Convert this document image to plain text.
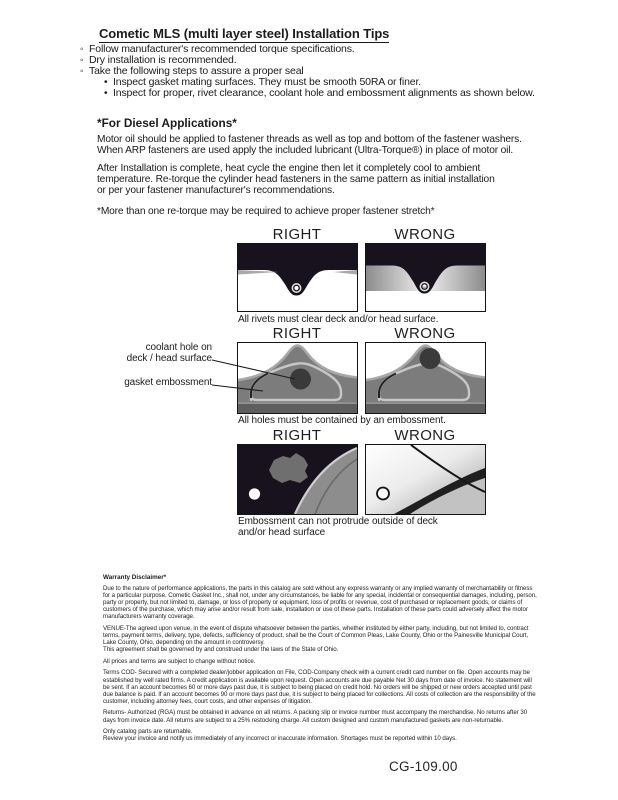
Cometic MLS (multi layer steel) Installation Tips
◦
Follow manufacturer's recommended torque specifications.
◦
Dry installation is recommended.
◦
Take the following steps to assure a proper seal
•
Inspect gasket mating surfaces. They must be smooth 50RA or finer.
•
Inspect for proper, rivet clearance, coolant hole and embossment alignments as shown below.
*For Diesel Applications*
Motor oil should be applied to fastener threads as well as top and bottom of the fastener washers.
When ARP fasteners are used apply the included lubricant (Ultra-Torque®) in place of motor oil.
After Installation is complete, heat cycle the engine then let it completely cool to ambient
temperature. Re-torque the cylinder head fasteners in the same pattern as initial installation
or per your fastener manufacturer's recommendations.
*More than one re-torque may be required to achieve proper fastener stretch*
RIGHT	WRONG
All rivets must clear deck and/or head surface.
RIGHT	WRONG
coolant hole on
deck / head surface
gasket embossment
All holes must be contained by an embossment.
RIGHT	WRONG
Embossment can not protrude outside of deck
and/or head surface
Warranty Disclaimer*

Due to the nature of performance applications, the parts in this catalog are sold without any express warranty or any implied warranty of merchantability or fitness for a particular purpose. Cometic Gasket Inc., shall not, under any circumstances, be liable for any special, incidental or consequential damages, including, person, party or property, but not limited to, damage, or loss of property or equipment, loss of profits or revenue, cost of purchased or replacement goods, or claims of customers of the purchase, which may arise and/or result from sale, installation or use of these parts. Installation of these parts could adversely affect the motor manufacturers warranty coverage.

VENUE-The agreed upon venue, in the event of dispute whatsoever between the parties, whether instituted by either party, including, but not limited to, contract terms, payment terms, delivery, type, defects, sufficiency of product, shall be the Court of Common Pleas, Lake County, Ohio or the Painesville Municipal Court, Lake County, Ohio, depending on the amount in controversy.

This agreement shall be governed by and construed under the laws of the State of Ohio.

All prices and terms are subject to change without notice.

Terms COD- Secured with a completed dealer/jobber application on File, COD-Company check with a current credit card number on file. Open accounts may be established by well rated firms. A credit application is available upon request. Open accounts are due payable Net 30 days from date of invoice. No statement will be sent. If an account becomes 60 or more days past due, it is subject to being placed on credit hold. No orders will be shipped or new orders accepted until past due balance is paid. If an account becomes 90 or more days past due, it is subject to being placed for collections. All costs of collection are the responsibility of the customer, including attorney fees, court costs, and other expenses of litigation.

Returns- Authorized (RGA) must be obtained in advance on all returns. A packing slip or invoice number must accompany the merchandise. No returns after 30 days from invoice date. All returns are subject to a 25% restocking charge. All custom designed and custom manufactured gaskets are non-returnable.

Only catalog parts are returnable.

Review your invoice and notify us immediately of any incorrect or inaccurate information. Shortages must be reported within 10 days.

CG-109.00
